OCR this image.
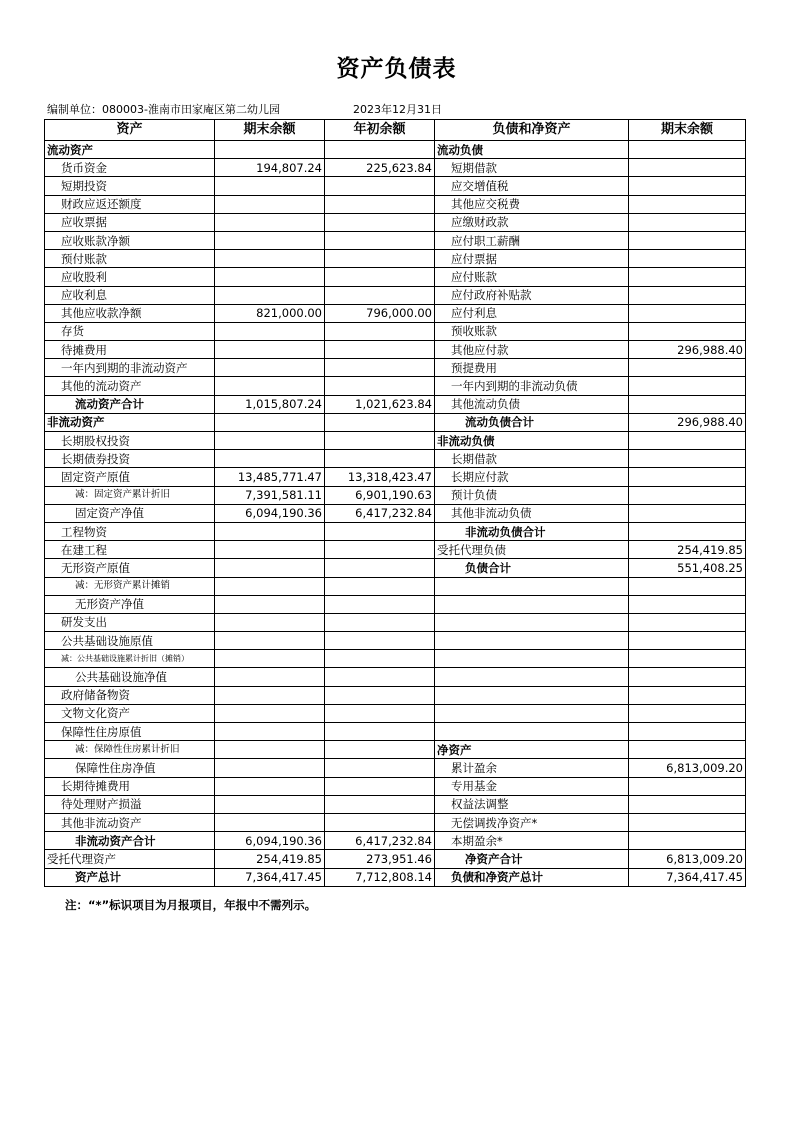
资产负债表
编制单位：080003-淮南市田家庵区第二幼儿园	2023年12月31日
资产	期末余额	年初余额	负债和净资产	期末余额
流动资产			流动负债	
货币资金	194,807.24	225,623.84	短期借款	
短期投资			应交增值税	
财政应返还额度			其他应交税费	
应收票据			应缴财政款	
应收账款净额			应付职工薪酬	
预付账款			应付票据	
应收股利			应付账款	
应收利息			应付政府补贴款	
其他应收款净额	821,000.00	796,000.00	应付利息	
存货			预收账款	
待摊费用			其他应付款	296,988.40
一年内到期的非流动资产			预提费用	
其他的流动资产			一年内到期的非流动负债	
流动资产合计	1,015,807.24	1,021,623.84	其他流动负债	
非流动资产			流动负债合计	296,988.40
长期股权投资			非流动负债	
长期债券投资			长期借款	
固定资产原值	13,485,771.47	13,318,423.47	长期应付款	
减：固定资产累计折旧	7,391,581.11	6,901,190.63	预计负债	
固定资产净值	6,094,190.36	6,417,232.84	其他非流动负债	
工程物资			非流动负债合计	
在建工程			受托代理负债	254,419.85
无形资产原值			负债合计	551,408.25
减：无形资产累计摊销				
无形资产净值				
研发支出				
公共基础设施原值				
减：公共基础设施累计折旧（摊销）				
公共基础设施净值				
政府储备物资				
文物文化资产				
保障性住房原值				
减：保障性住房累计折旧			净资产	
保障性住房净值			累计盈余	6,813,009.20
长期待摊费用			专用基金	
待处理财产损溢			权益法调整	
其他非流动资产			无偿调拨净资产*	
非流动资产合计	6,094,190.36	6,417,232.84	本期盈余*	
受托代理资产	254,419.85	273,951.46	净资产合计	6,813,009.20
资产总计	7,364,417.45	7,712,808.14	负债和净资产总计	7,364,417.45
注：“*”标识项目为月报项目，年报中不需列示。
